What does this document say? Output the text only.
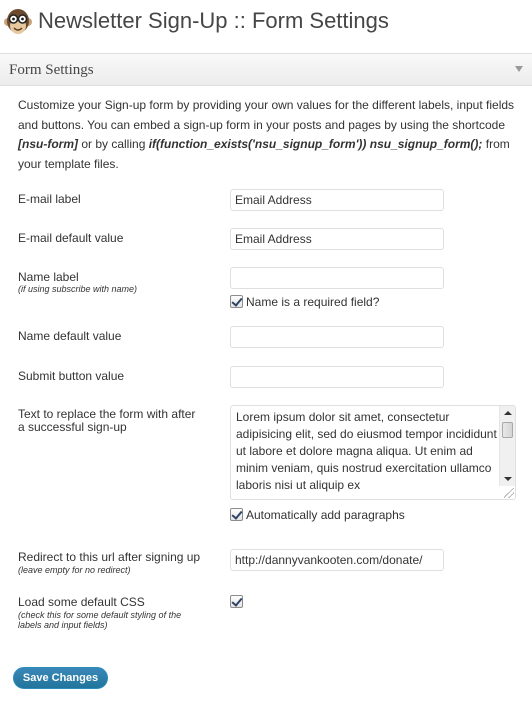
Newsletter Sign-Up :: Form Settings
Form Settings
Customize your Sign-up form by providing your own values for the different labels, input fields and buttons. You can embed a sign-up form in your posts and pages by using the shortcode [nsu-form] or by calling if(function_exists('nsu_signup_form')) nsu_signup_form(); from your template files.
E-mail label
Email Address
E-mail default value
Email Address
Name label
(if using subscribe with name)
Name is a required field?
Name default value
Submit button value
Text to replace the form with after
a successful sign-up
Lorem ipsum dolor sit amet, consectetur adipisicing elit, sed do eiusmod tempor incididunt ut labore et dolore magna aliqua. Ut enim ad minim veniam, quis nostrud exercitation ullamco laboris nisi ut aliquip ex
Automatically add paragraphs
Redirect to this url after signing up
(leave empty for no redirect)
http://dannyvankooten.com/donate/
Load some default CSS
(check this for some default styling of the
labels and input fields)
Save Changes
